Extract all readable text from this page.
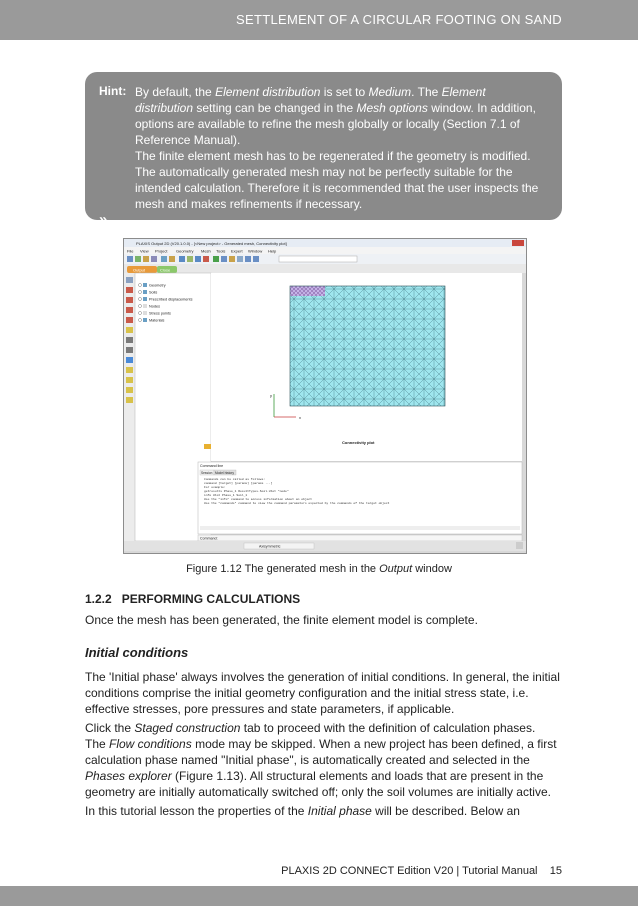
SETTLEMENT OF A CIRCULAR FOOTING ON SAND
Hint:
»
»
By default, the Element distribution is set to Medium. The Element distribution setting can be changed in the Mesh options window. In addition, options are available to refine the mesh globally or locally (Section 7.1 of Reference Manual).
The finite element mesh has to be regenerated if the geometry is modified.
The automatically generated mesh may not be perfectly suitable for the intended calculation. Therefore it is recommended that the user inspects the mesh and makes refinements if necessary.
PLAXIS Output 2D (V20.1.0.0) - [<New project> - Generated mesh, Connectivity plot]
File View Project Geometry Mesh Tools Expert Window Help
Output	Close
Geometry
Soils
Prescribed displacements
Nodes
Stress points
Materials
y
x
Connectivity plot
Command line
Session Model history
Commands can be called as follows:
command [target] [params] [params ...]
For example:
getresults Phase_1 ResultTypes.Soil.Utot "node"
info Utot Phase_1 Soil_1
Use the "info" command to access information about an object
Use the "commands" command to view the command parameters expected by the commands of the target object
Command:
Axisymmetric
Figure 1.12 The generated mesh in the Output window
1.2.2 PERFORMING CALCULATIONS
Once the mesh has been generated, the finite element model is complete.
Initial conditions
The 'Initial phase' always involves the generation of initial conditions. In general, the initial conditions comprise the initial geometry configuration and the initial stress state, i.e. effective stresses, pore pressures and state parameters, if applicable.
Click the Staged construction tab to proceed with the definition of calculation phases.
The Flow conditions mode may be skipped. When a new project has been defined, a first calculation phase named "Initial phase", is automatically created and selected in the Phases explorer (Figure 1.13). All structural elements and loads that are present in the geometry are initially automatically switched off; only the soil volumes are initially active.
In this tutorial lesson the properties of the Initial phase will be described. Below an
PLAXIS 2D CONNECT Edition V20 | Tutorial Manual 15
